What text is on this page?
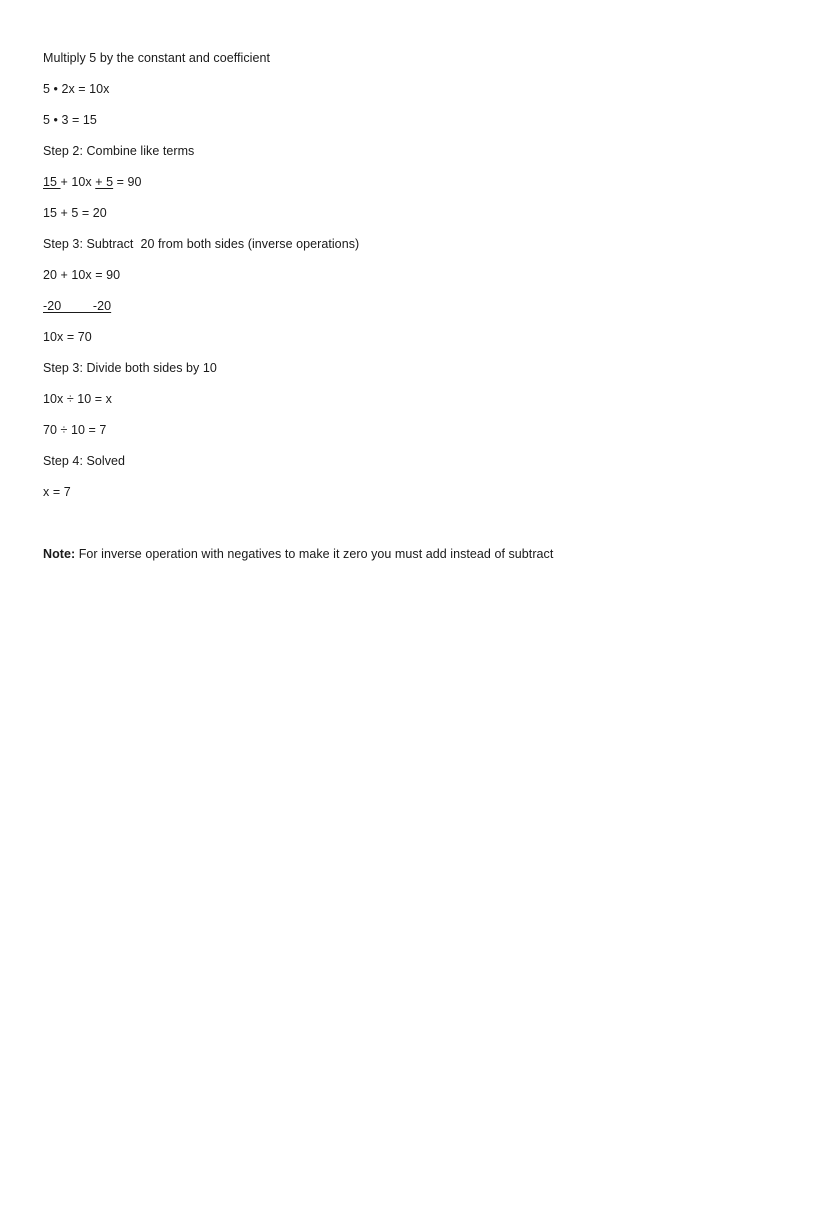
Multiply 5 by the constant and coefficient
5 • 2x = 10x
5 • 3 = 15
Step 2: Combine like terms
15 + 10x + 5 = 90
15 + 5 = 20
Step 3: Subtract  20 from both sides (inverse operations)
20 + 10x = 90
-20         -20
10x = 70
Step 3: Divide both sides by 10
10x ÷ 10 = x
70 ÷ 10 = 7
Step 4: Solved
x = 7
Note: For inverse operation with negatives to make it zero you must add instead of subtract
